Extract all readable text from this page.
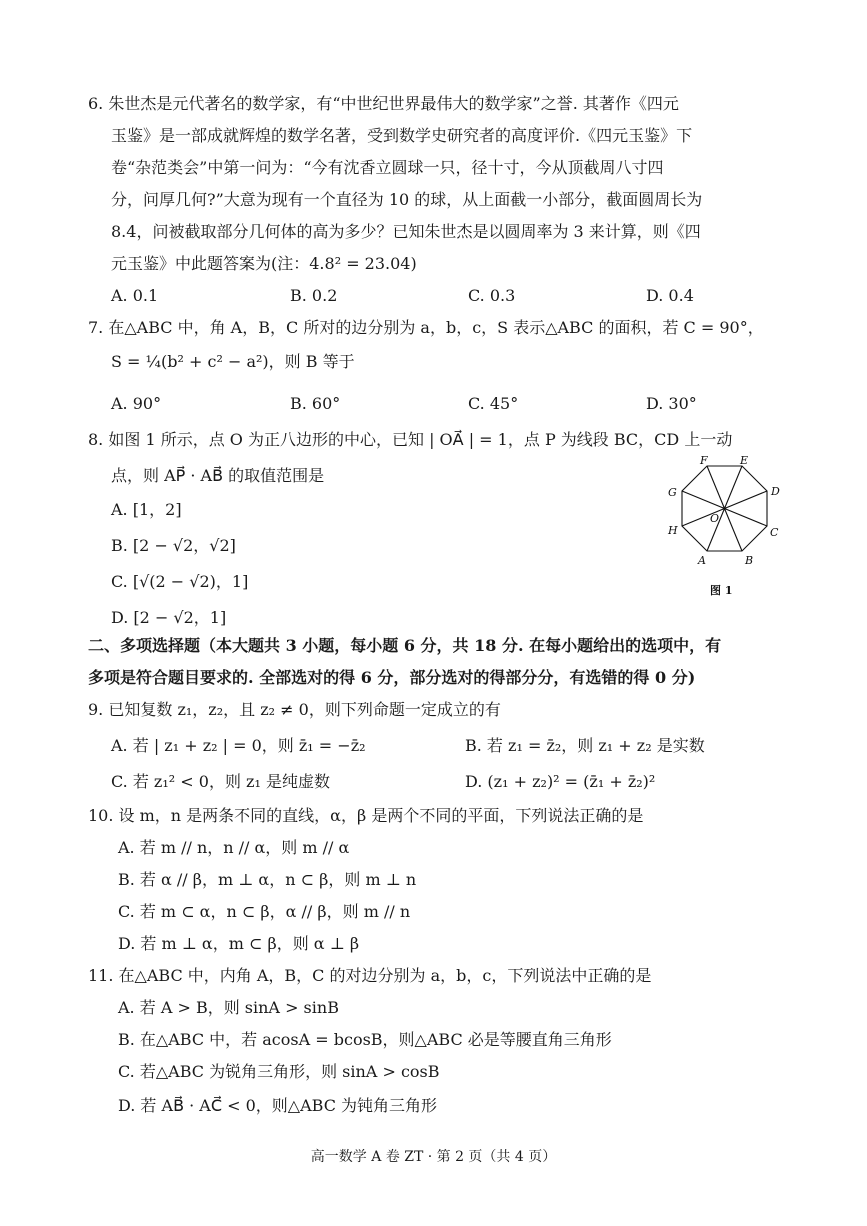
6. 朱世杰是元代著名的数学家，有“中世纪世界最伟大的数学家”之誉. 其著作《四元
玉鉴》是一部成就辉煌的数学名著，受到数学史研究者的高度评价.《四元玉鉴》下
卷“杂范类会”中第一问为：“今有沈香立圆球一只，径十寸，今从顶截周八寸四
分，问厚几何?”大意为现有一个直径为 10 的球，从上面截一小部分，截面圆周长为
8.4，问被截取部分几何体的高为多少？已知朱世杰是以圆周率为 3 来计算，则《四
元玉鉴》中此题答案为(注：4.8² = 23.04)
A. 0.1	B. 0.2	C. 0.3	D. 0.4
7. 在△ABC 中，角 A，B，C 所对的边分别为 a，b，c，S 表示△ABC 的面积，若 C = 90°，
S = ¼(b² + c² − a²)，则 B 等于
A. 90°	B. 60°	C. 45°	D. 30°
8. 如图 1 所示，点 O 为正八边形的中心，已知 | OA⃗ | = 1，点 P 为线段 BC，CD 上一动
点，则 AP⃗ · AB⃗ 的取值范围是
A. [1，2]
B. [2 − √2，√2]
C. [√(2 − √2)，1]
D. [2 − √2，1]
A	B
C
D
E
F
G
H
O
图 1
二、多项选择题（本大题共 3 小题，每小题 6 分，共 18 分. 在每小题给出的选项中，有
多项是符合题目要求的. 全部选对的得 6 分，部分选对的得部分分，有选错的得 0 分)
9. 已知复数 z₁，z₂，且 z₂ ≠ 0，则下列命题一定成立的有
A. 若 | z₁ + z₂ | = 0，则 z̄₁ = −z̄₂	B. 若 z₁ = z̄₂，则 z₁ + z₂ 是实数
C. 若 z₁² < 0，则 z₁ 是纯虚数	D. (z₁ + z₂)² = (z̄₁ + z̄₂)²
10. 设 m，n 是两条不同的直线，α，β 是两个不同的平面，下列说法正确的是
A. 若 m // n，n // α，则 m // α
B. 若 α // β，m ⊥ α，n ⊂ β，则 m ⊥ n
C. 若 m ⊂ α，n ⊂ β，α // β，则 m // n
D. 若 m ⊥ α，m ⊂ β，则 α ⊥ β
11. 在△ABC 中，内角 A，B，C 的对边分别为 a，b，c，下列说法中正确的是
A. 若 A > B，则 sinA > sinB
B. 在△ABC 中，若 acosA = bcosB，则△ABC 必是等腰直角三角形
C. 若△ABC 为锐角三角形，则 sinA > cosB
D. 若 AB⃗ · AC⃗ < 0，则△ABC 为钝角三角形
高一数学 A 卷 ZT · 第 2 页（共 4 页）
